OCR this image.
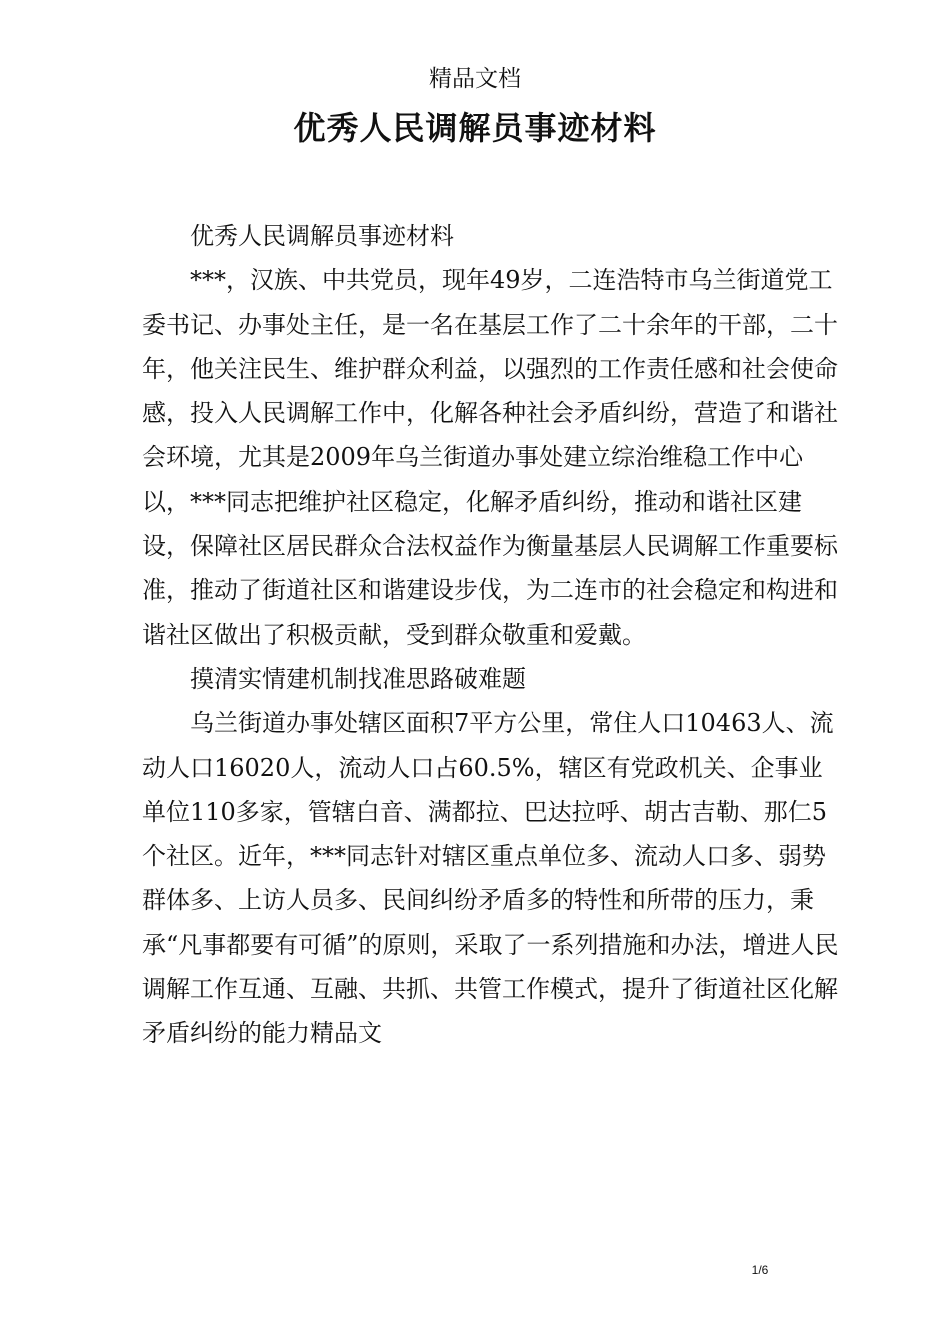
精品文档
优秀人民调解员事迹材料

优秀人民调解员事迹材料

***，汉族、中共党员，现年49岁，二连浩特市乌兰街道党工委书记、办事处主任，是一名在基层工作了二十余年的干部，二十年，他关注民生、维护群众利益，以强烈的工作责任感和社会使命感，投入人民调解工作中，化解各种社会矛盾纠纷，营造了和谐社会环境，尤其是2009年乌兰街道办事处建立综治维稳工作中心以，***同志把维护社区稳定，化解矛盾纠纷，推动和谐社区建设，保障社区居民群众合法权益作为衡量基层人民调解工作重要标准，推动了街道社区和谐建设步伐，为二连市的社会稳定和构进和谐社区做出了积极贡献，受到群众敬重和爱戴。

摸清实情建机制找准思路破难题

乌兰街道办事处辖区面积7平方公里，常住人口10463人、流动人口16020人，流动人口占60.5%，辖区有党政机关、企事业单位110多家，管辖白音、满都拉、巴达拉呼、胡古吉勒、那仁5个社区。近年，***同志针对辖区重点单位多、流动人口多、弱势群体多、上访人员多、民间纠纷矛盾多的特性和所带的压力，秉承“凡事都要有可循”的原则，采取了一系列措施和办法，增进人民调解工作互通、互融、共抓、共管工作模式，提升了街道社区化解矛盾纠纷的能力精品文

1/6
